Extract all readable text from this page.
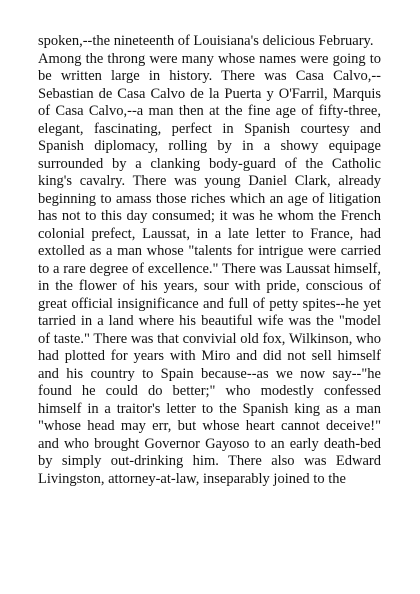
spoken,--the nineteenth of Louisiana's delicious February.

Among the throng were many whose names were going to be written large in history. There was Casa Calvo,--Sebastian de Casa Calvo de la Puerta y O'Farril, Marquis of Casa Calvo,--a man then at the fine age of fifty-three, elegant, fascinating, perfect in Spanish courtesy and Spanish diplomacy, rolling by in a showy equipage surrounded by a clanking body-guard of the Catholic king's cavalry. There was young Daniel Clark, already beginning to amass those riches which an age of litigation has not to this day consumed; it was he whom the French colonial prefect, Laussat, in a late letter to France, had extolled as a man whose "talents for intrigue were carried to a rare degree of excellence." There was Laussat himself, in the flower of his years, sour with pride, conscious of great official insignificance and full of petty spites--he yet tarried in a land where his beautiful wife was the "model of taste." There was that convivial old fox, Wilkinson, who had plotted for years with Miro and did not sell himself and his country to Spain because--as we now say--"he found he could do better;" who modestly confessed himself in a traitor's letter to the Spanish king as a man "whose head may err, but whose heart cannot deceive!" and who brought Governor Gayoso to an early death-bed by simply out-drinking him. There also was Edward Livingston, attorney-at-law, inseparably joined to the
